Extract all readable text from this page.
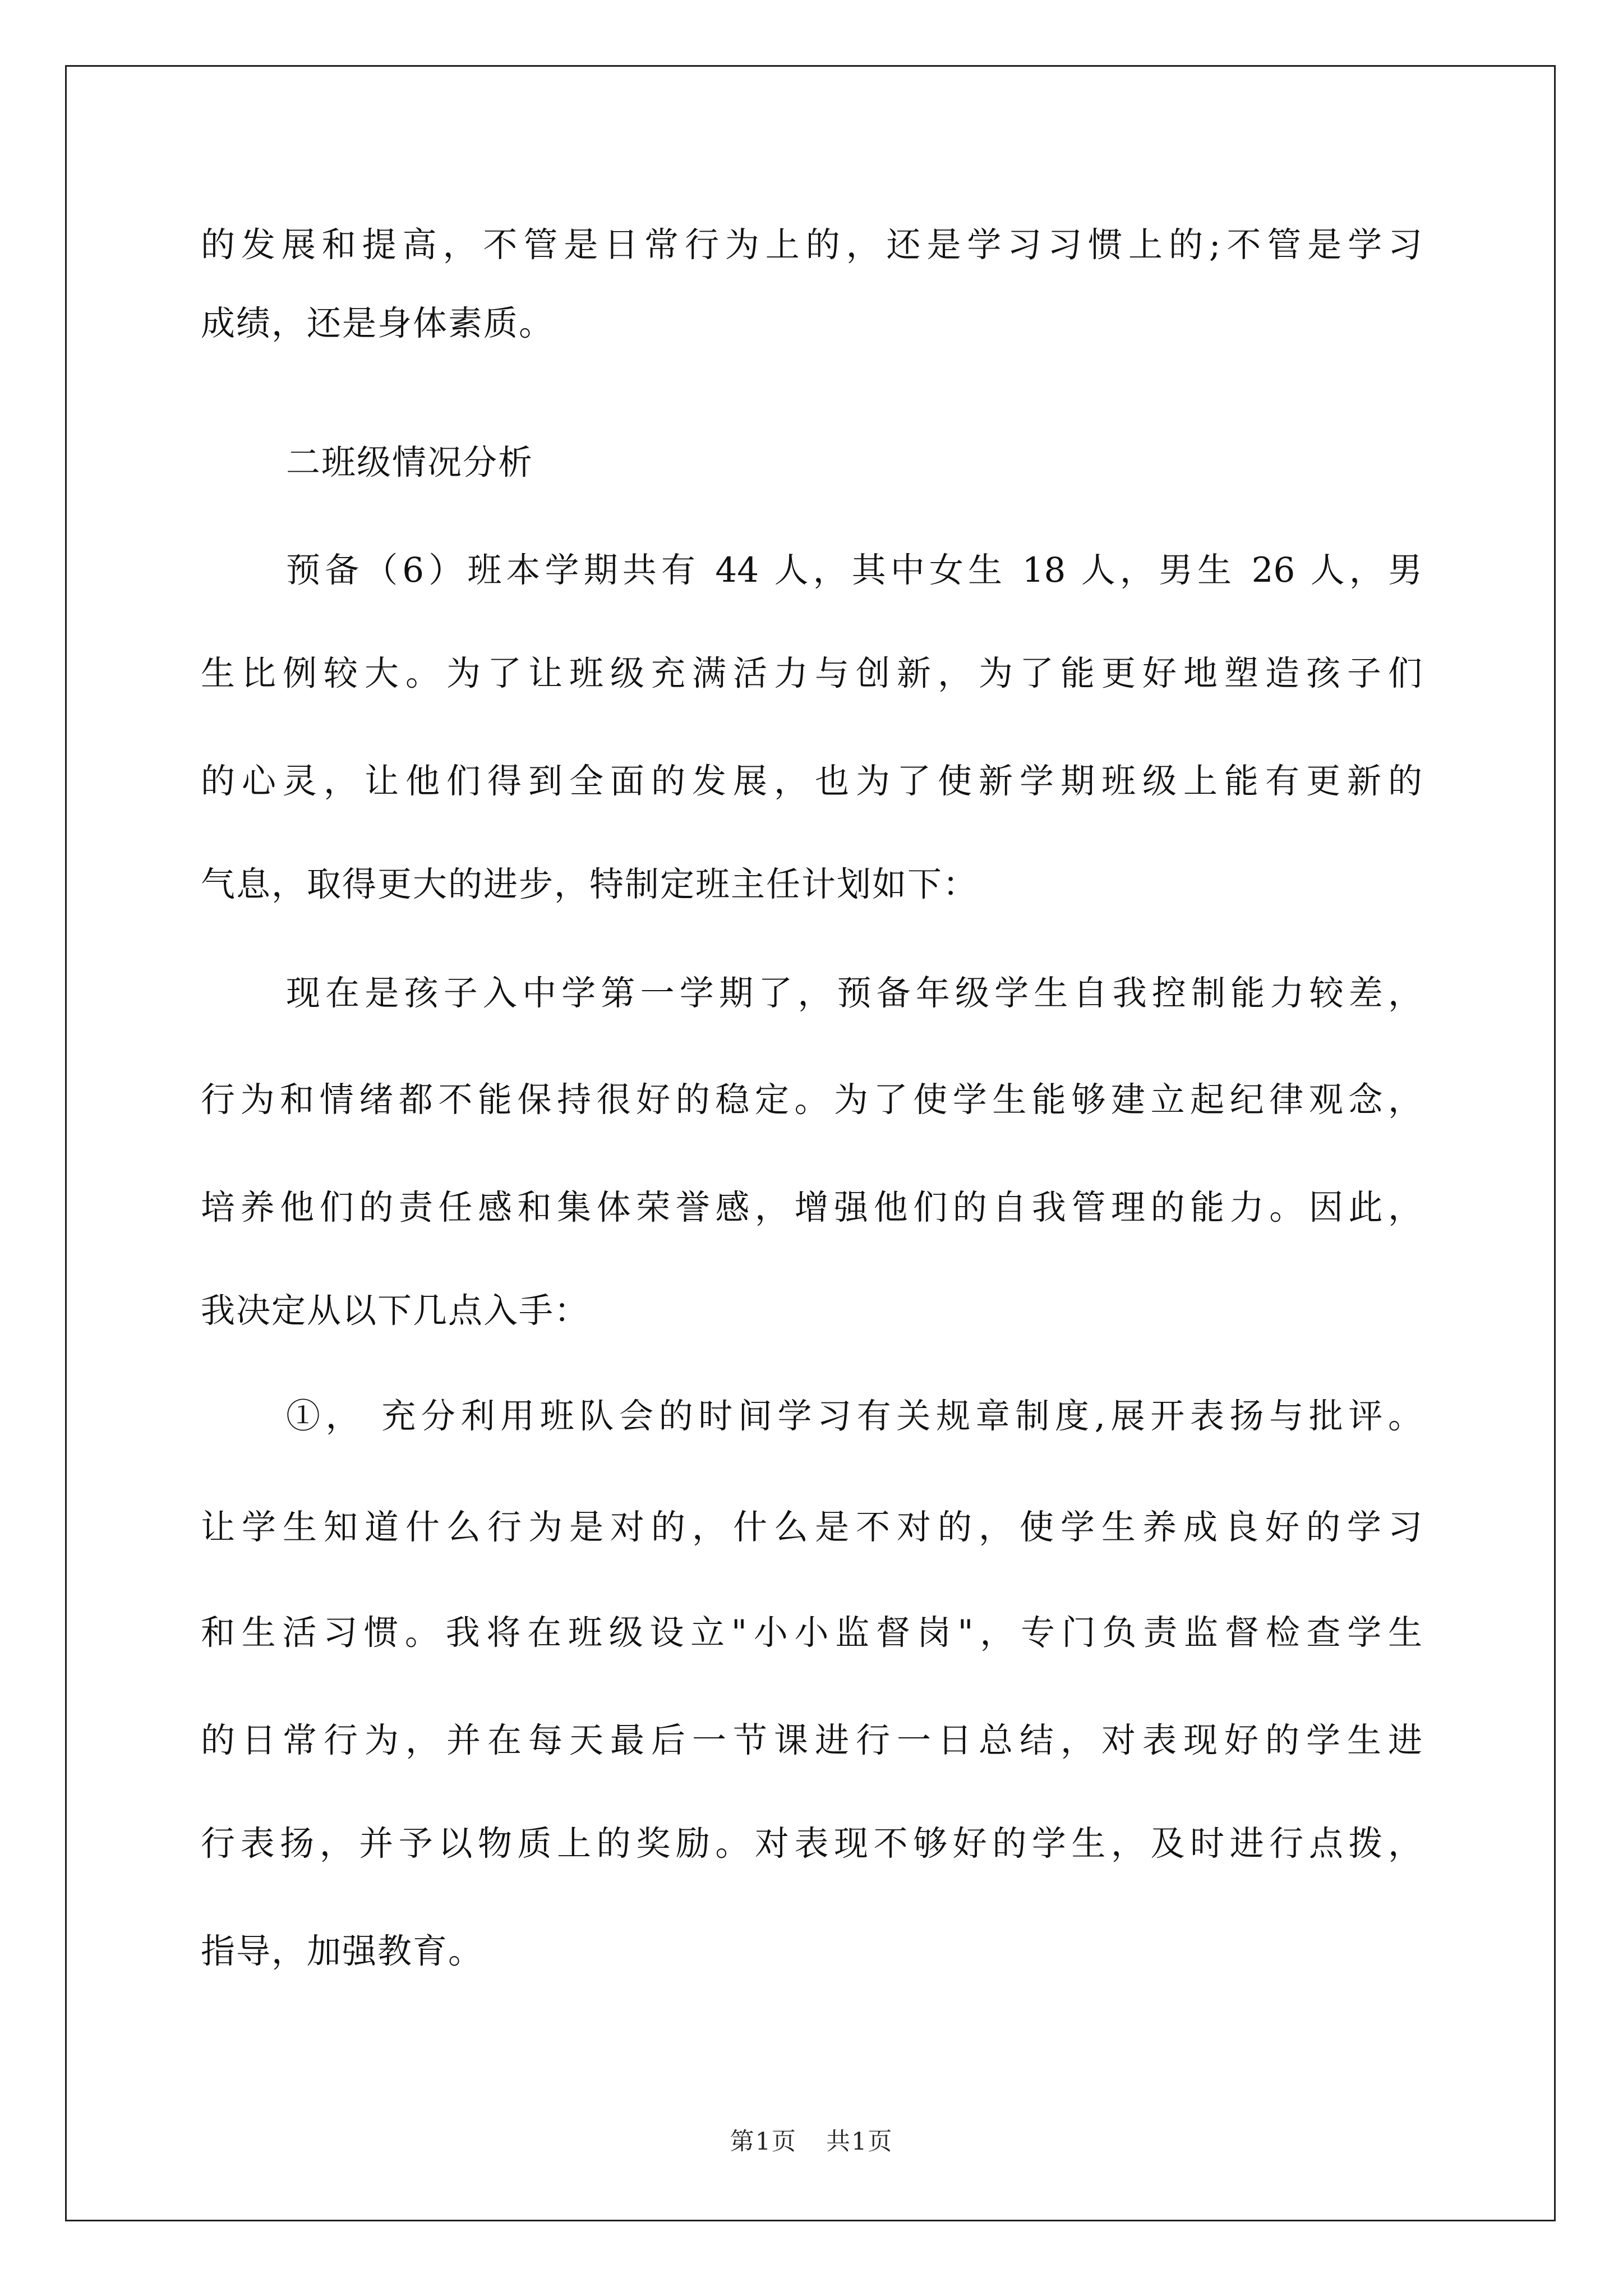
的发展和提高，不管是日常行为上的，还是学习习惯上的;不管是学习

成绩，还是身体素质。

二班级情况分析

预备（6）班本学期共有 44 人，其中女生 18 人，男生 26 人，男

生比例较大。为了让班级充满活力与创新，为了能更好地塑造孩子们

的心灵，让他们得到全面的发展，也为了使新学期班级上能有更新的

气息，取得更大的进步，特制定班主任计划如下：

现在是孩子入中学第一学期了，预备年级学生自我控制能力较差，

行为和情绪都不能保持很好的稳定。为了使学生能够建立起纪律观念，

培养他们的责任感和集体荣誉感，增强他们的自我管理的能力。因此，

我决定从以下几点入手：

①， 充分利用班队会的时间学习有关规章制度,展开表扬与批评。

让学生知道什么行为是对的，什么是不对的，使学生养成良好的学习

和生活习惯。我将在班级设立"小小监督岗"，专门负责监督检查学生

的日常行为，并在每天最后一节课进行一日总结，对表现好的学生进

行表扬，并予以物质上的奖励。对表现不够好的学生，及时进行点拨，

指导，加强教育。

第1页 共1页
